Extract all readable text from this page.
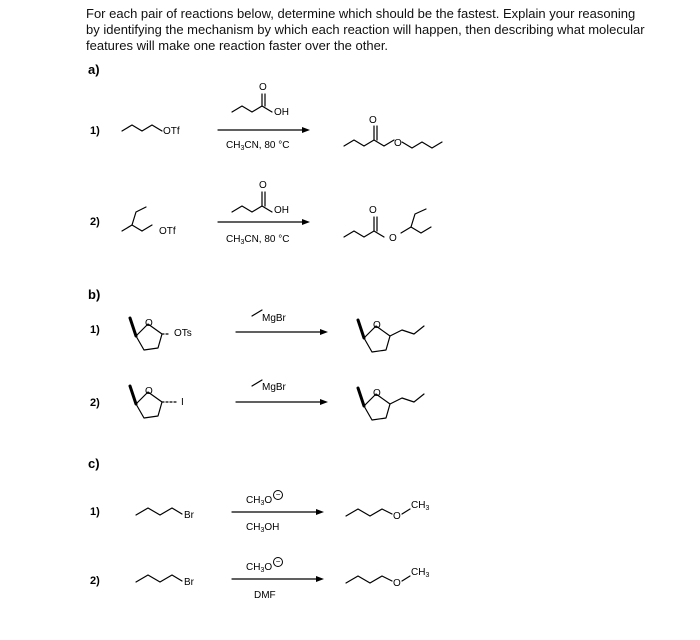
For each pair of reactions below, determine which should be the fastest. Explain your reasoning by identifying the mechanism by which each reaction will happen, then describing what molecular features will make one reaction faster over the other.
a)
b)
c)
1)
2)
1)
2)
1)
2)
OTf
O
OH
$CH_3CN$, 80 °C
O
O
OTf
O
OH
$CH_3CN$, 80 °C
O
O
O
OTs
MgBr
O
O
I
MgBr
O
Br
$CH_3O-$
$CH_3OH$
O
$CH_3$
Br
$CH_3O-$
DMF
O
$CH_3$
